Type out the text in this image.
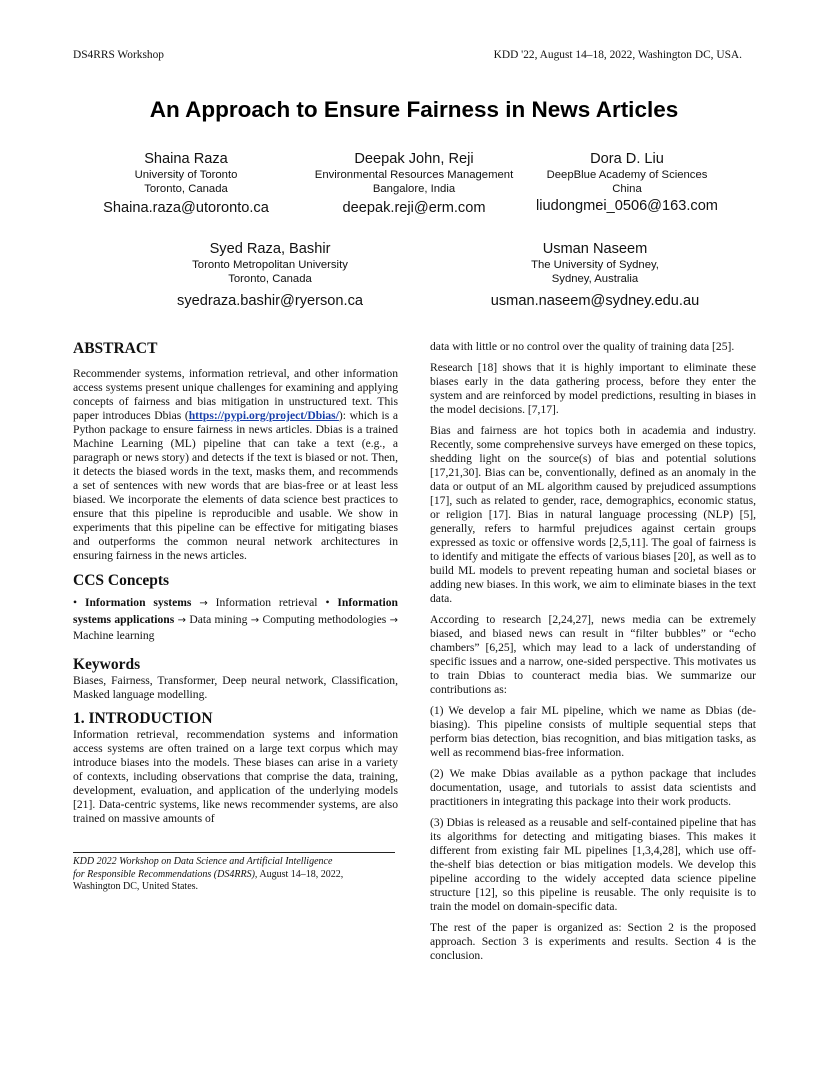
DS4RRS Workshop	KDD '22, August 14–18, 2022, Washington DC, USA.
An Approach to Ensure Fairness in News Articles
Shaina Raza
University of Toronto
Toronto, Canada
Shaina.raza@utoronto.ca
Deepak John, Reji
Environmental Resources Management
Bangalore, India
deepak.reji@erm.com
Dora D. Liu
DeepBlue Academy of Sciences
China
liudongmei_0506@163.com
Syed Raza, Bashir
Toronto Metropolitan University
Toronto, Canada
syedraza.bashir@ryerson.ca
Usman Naseem
The University of Sydney,
Sydney, Australia
usman.naseem@sydney.edu.au
ABSTRACT

Recommender systems, information retrieval, and other information access systems present unique challenges for examining and applying concepts of fairness and bias mitigation in unstructured text. This paper introduces Dbias (https://pypi.org/project/Dbias/): which is a Python package to ensure fairness in news articles. Dbias is a trained Machine Learning (ML) pipeline that can take a text (e.g., a paragraph or news story) and detects if the text is biased or not. Then, it detects the biased words in the text, masks them, and recommends a set of sentences with new words that are bias-free or at least less biased. We incorporate the elements of data science best practices to ensure that this pipeline is reproducible and usable. We show in experiments that this pipeline can be effective for mitigating biases and outperforms the common neural network architectures in ensuring fairness in the news articles.

CCS Concepts

• Information systems → Information retrieval • Information systems applications → Data mining → Computing methodologies → Machine learning

Keywords

Biases, Fairness, Transformer, Deep neural network, Classification, Masked language modelling.

1. INTRODUCTION

Information retrieval, recommendation systems and information access systems are often trained on a large text corpus which may introduce biases into the models. These biases can arise in a variety of contexts, including observations that comprise the data, training, development, evaluation, and application of the underlying models [21]. Data-centric systems, like news recommender systems, are also trained on massive amounts of

KDD 2022 Workshop on Data Science and Artificial Intelligence
for Responsible Recommendations (DS4RRS), August 14–18, 2022,
Washington DC, United States.

data with little or no control over the quality of training data [25].

Research [18] shows that it is highly important to eliminate these biases early in the data gathering process, before they enter the system and are reinforced by model predictions, resulting in biases in the model decisions. [7,17].

Bias and fairness are hot topics both in academia and industry. Recently, some comprehensive surveys have emerged on these topics, shedding light on the source(s) of bias and potential solutions [17,21,30]. Bias can be, conventionally, defined as an anomaly in the data or output of an ML algorithm caused by prejudiced assumptions [17], such as related to gender, race, demographics, economic status, or religion [17]. Bias in natural language processing (NLP) [5], generally, refers to harmful prejudices against certain groups expressed as toxic or offensive words [2,5,11]. The goal of fairness is to identify and mitigate the effects of various biases [20], as well as to build ML models to prevent repeating human and societal biases or adding new biases. In this work, we aim to eliminate biases in the text data.

According to research [2,24,27], news media can be extremely biased, and biased news can result in “filter bubbles” or “echo chambers” [6,25], which may lead to a lack of understanding of specific issues and a narrow, one-sided perspective. This motivates us to train Dbias to counteract media bias. We summarize our contributions as:

(1) We develop a fair ML pipeline, which we name as Dbias (de-biasing). This pipeline consists of multiple sequential steps that perform bias detection, bias recognition, and bias mitigation tasks, as well as recommend bias-free information.

(2) We make Dbias available as a python package that includes documentation, usage, and tutorials to assist data scientists and practitioners in integrating this package into their work products.

(3) Dbias is released as a reusable and self-contained pipeline that has its algorithms for detecting and mitigating biases. This makes it different from existing fair ML pipelines [1,3,4,28], which use off-the-shelf bias detection or bias mitigation models. We develop this pipeline according to the widely accepted data science pipeline structure [12], so this pipeline is reusable. The only requisite is to train the model on domain-specific data.

The rest of the paper is organized as: Section 2 is the proposed approach. Section 3 is experiments and results. Section 4 is the conclusion.
